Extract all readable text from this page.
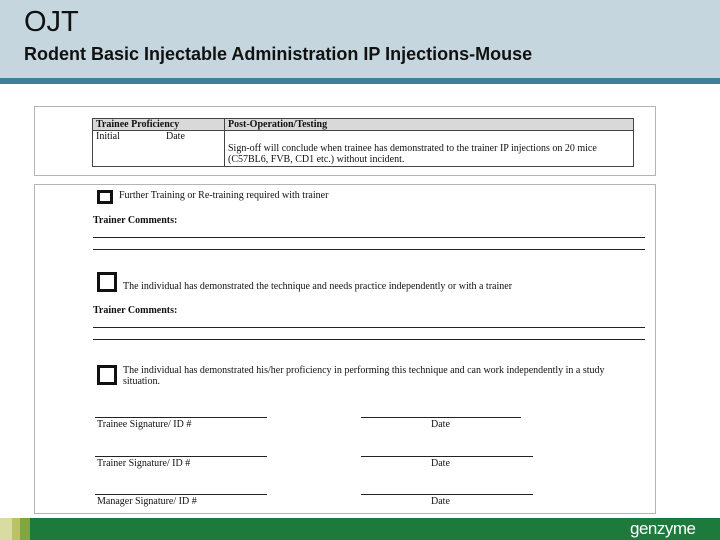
OJT
Rodent Basic Injectable Administration IP Injections-Mouse
Trainee Proficiency	Post-Operation/Testing
Initial Date	Sign-off will conclude when trainee has demonstrated to the trainer IP injections on 20 mice (C57BL6, FVB, CD1 etc.) without incident.
Further Training or Re-training required with trainer
Trainer Comments:
The individual has demonstrated the technique and needs practice independently or with a trainer
Trainer Comments:
The individual has demonstrated his/her proficiency in performing this technique and can work independently in a study situation.
Trainee Signature/ ID #	Date
Trainer Signature/ ID #	Date
Manager Signature/ ID #	Date
genzyme
